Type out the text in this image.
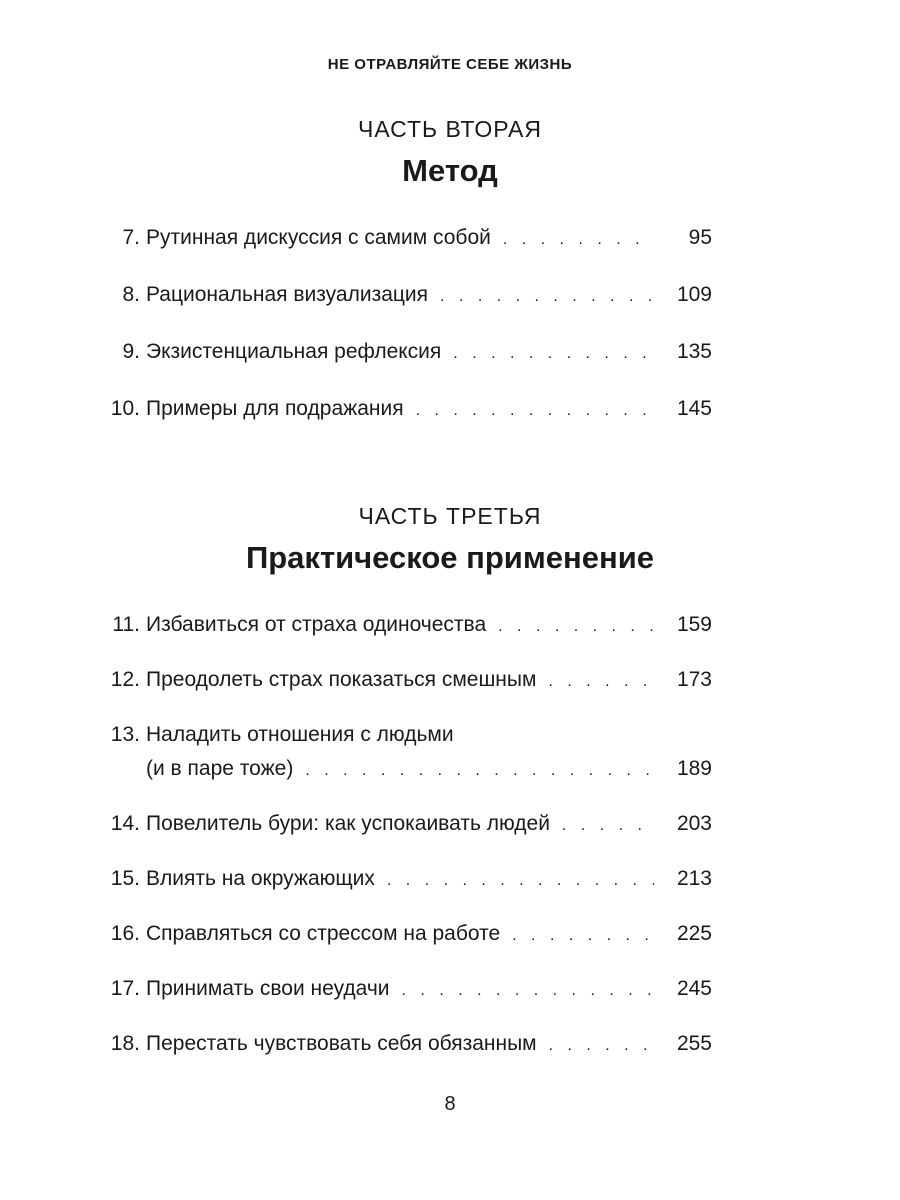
НЕ ОТРАВЛЯЙТЕ СЕБЕ ЖИЗНЬ
ЧАСТЬ ВТОРАЯ
Метод
7. Рутинная дискуссия с самим собой . . .	95
8. Рациональная визуализация . . .	109
9. Экзистенциальная рефлексия . . .	135
10. Примеры для подражания . . .	145
ЧАСТЬ ТРЕТЬЯ
Практическое применение
11. Избавиться от страха одиночества . . .	159
12. Преодолеть страх показаться смешным . . .	173
13. Наладить отношения с людьми
(и в паре тоже) . . .	189
14. Повелитель бури: как успокаивать людей . . .	203
15. Влиять на окружающих . . .	213
16. Справляться со стрессом на работе . . .	225
17. Принимать свои неудачи . . .	245
18. Перестать чувствовать себя обязанным . . .	255
8
